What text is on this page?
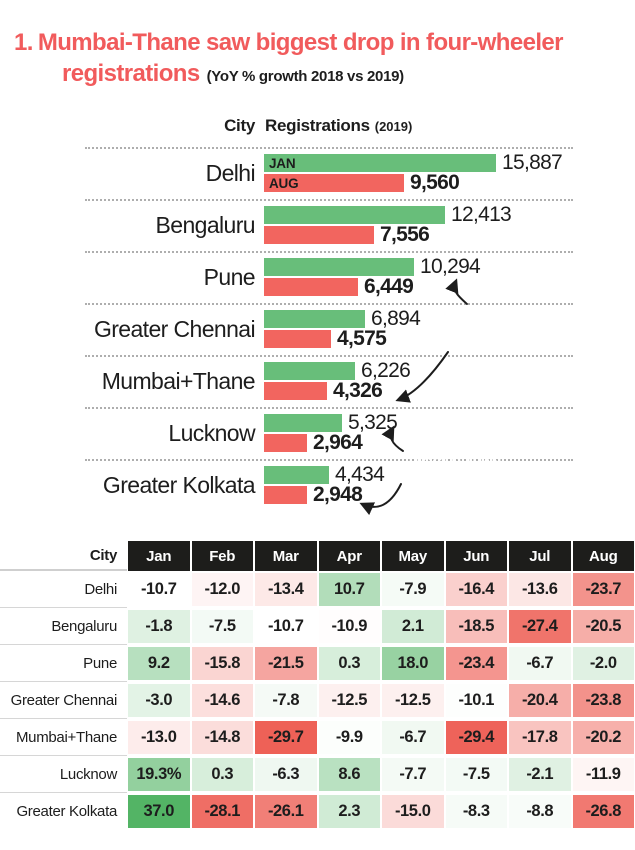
1. Mumbai-Thane saw biggest drop in four-wheeler
registrations (YoY % growth 2018 vs 2019)
City Registrations (2019)
Delhi	JAN	15,887
AUG	9,560
Bengaluru	12,413
7,556
Pune	10,294
6,449
Greater Chennai	6,894
4,575
Mumbai+Thane	6,226
4,326
Lucknow	5,325
2,964
Greater Kolkata	4,434
2,948
PUNE
BIGGER
THAN
MUMBAI
LUCKNOW
BIGGER THAN
KOLKATA
City	Jan	Feb	Mar	Apr	May	Jun	Jul	Aug
Delhi	-10.7	-12.0	-13.4	10.7	-7.9	-16.4	-13.6	-23.7
Bengaluru	-1.8	-7.5	-10.7	-10.9	2.1	-18.5	-27.4	-20.5
Pune	9.2	-15.8	-21.5	0.3	18.0	-23.4	-6.7	-2.0
Greater Chennai	-3.0	-14.6	-7.8	-12.5	-12.5	-10.1	-20.4	-23.8
Mumbai+Thane	-13.0	-14.8	-29.7	-9.9	-6.7	-29.4	-17.8	-20.2
Lucknow	19.3%	0.3	-6.3	8.6	-7.7	-7.5	-2.1	-11.9
Greater Kolkata	37.0	-28.1	-26.1	2.3	-15.0	-8.3	-8.8	-26.8
